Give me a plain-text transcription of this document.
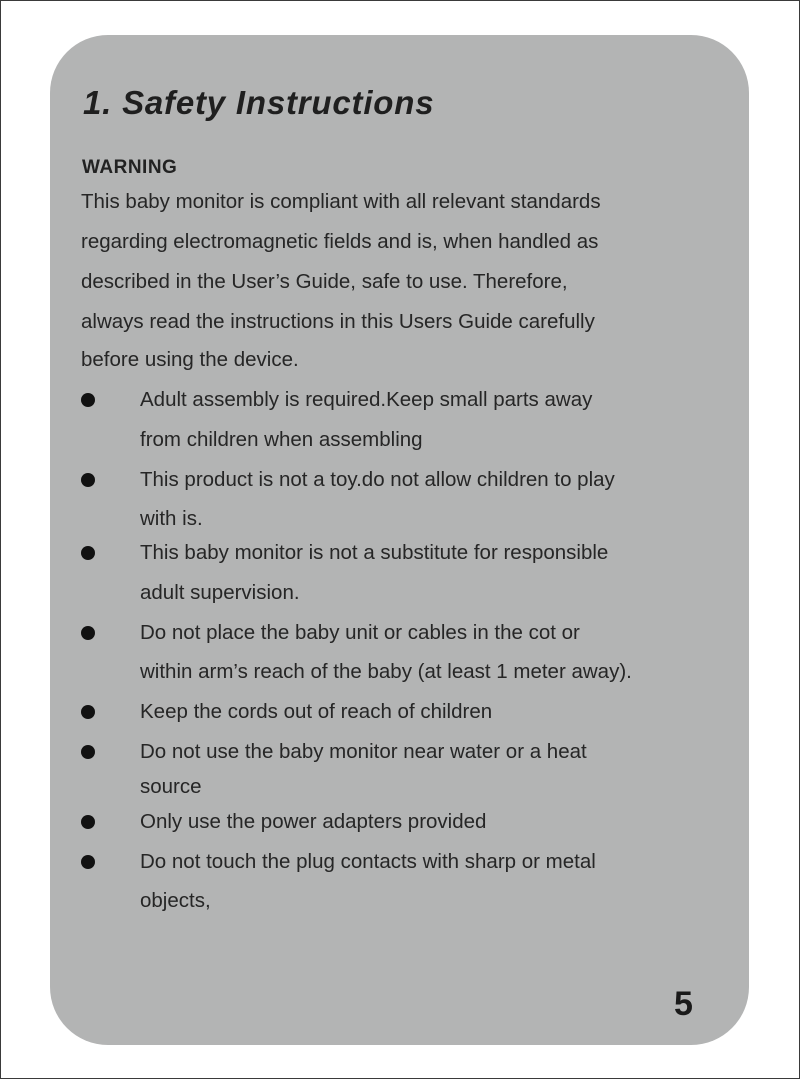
1. Safety Instructions
WARNING
This baby monitor is compliant with all relevant standards
regarding electromagnetic fields and is, when handled as
described in the User’s Guide, safe to use. Therefore,
always read the instructions in this Users Guide carefully
before using the device.
Adult assembly is required.Keep small parts away
from children when assembling
This product is not a toy.do not allow children to play
with is.
This baby monitor is not a substitute for responsible
adult supervision.
Do not place the baby unit or cables in the cot or
within arm’s reach of the baby (at least 1 meter away).
Keep the cords out of reach of children
Do not use the baby monitor near water or a heat
source
Only use the power adapters provided
Do not touch the plug contacts with sharp or metal
objects,
5
